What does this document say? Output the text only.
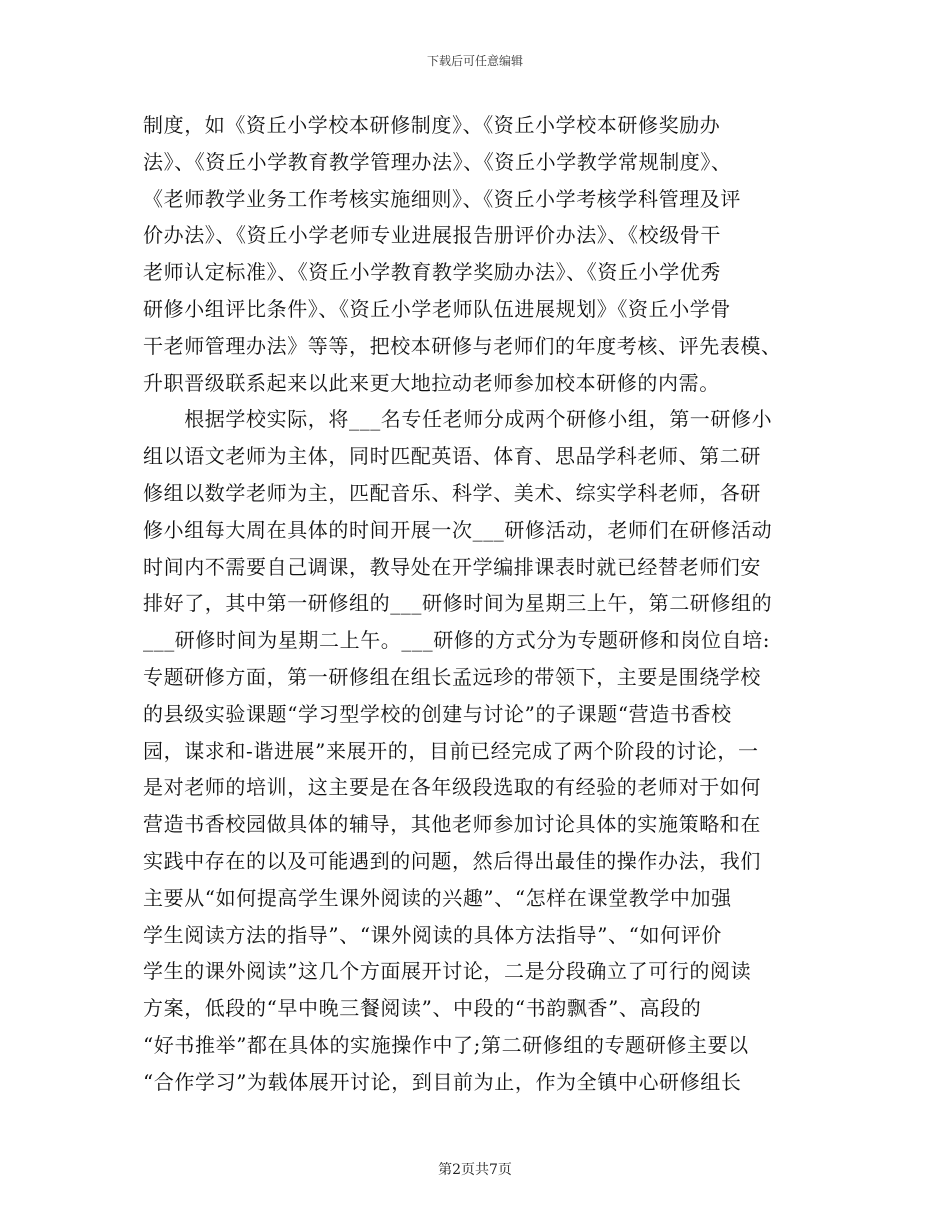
下载后可任意编辑
制度，如《资丘小学校本研修制度》、《资丘小学校本研修奖励办
法》、《资丘小学教育教学管理办法》、《资丘小学教学常规制度》、
《老师教学业务工作考核实施细则》、《资丘小学考核学科管理及评
价办法》、《资丘小学老师专业进展报告册评价办法》、《校级骨干
老师认定标准》、《资丘小学教育教学奖励办法》、《资丘小学优秀
研修小组评比条件》、《资丘小学老师队伍进展规划》《资丘小学骨
干老师管理办法》等等，把校本研修与老师们的年度考核、评先表模、
升职晋级联系起来以此来更大地拉动老师参加校本研修的内需。
　　根据学校实际，将___名专任老师分成两个研修小组，第一研修小
组以语文老师为主体，同时匹配英语、体育、思品学科老师、第二研
修组以数学老师为主，匹配音乐、科学、美术、综实学科老师，各研
修小组每大周在具体的时间开展一次___研修活动，老师们在研修活动
时间内不需要自己调课，教导处在开学编排课表时就已经替老师们安
排好了，其中第一研修组的___研修时间为星期三上午，第二研修组的
___研修时间为星期二上午。___研修的方式分为专题研修和岗位自培:
专题研修方面，第一研修组在组长孟远珍的带领下，主要是围绕学校
的县级实验课题“学习型学校的创建与讨论”的子课题“营造书香校
园，谋求和-谐进展”来展开的，目前已经完成了两个阶段的讨论，一
是对老师的培训，这主要是在各年级段选取的有经验的老师对于如何
营造书香校园做具体的辅导，其他老师参加讨论具体的实施策略和在
实践中存在的以及可能遇到的问题，然后得出最佳的操作办法，我们
主要从“如何提高学生课外阅读的兴趣”、“怎样在课堂教学中加强
学生阅读方法的指导”、“课外阅读的具体方法指导”、“如何评价
学生的课外阅读”这几个方面展开讨论，二是分段确立了可行的阅读
方案，低段的“早中晚三餐阅读”、中段的“书韵飘香”、高段的
“好书推举”都在具体的实施操作中了;第二研修组的专题研修主要以
“合作学习”为载体展开讨论，到目前为止，作为全镇中心研修组长
第2页共7页
